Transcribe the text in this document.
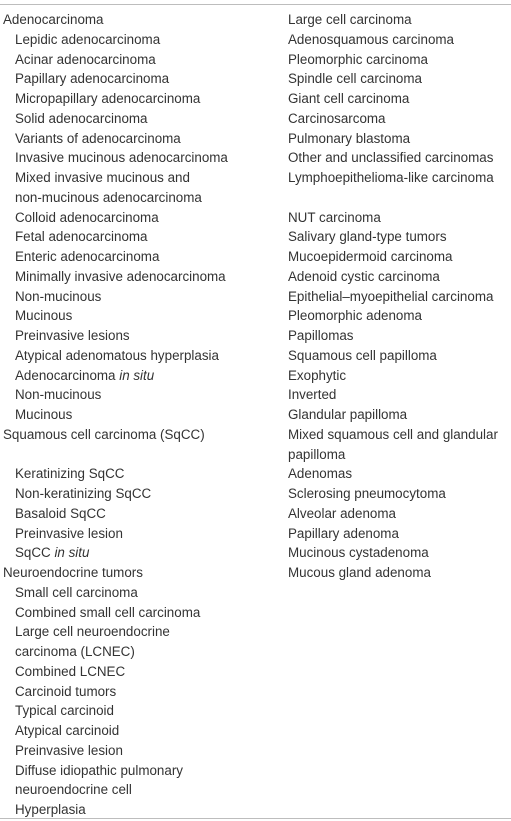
Adenocarcinoma
Lepidic adenocarcinoma
Acinar adenocarcinoma
Papillary adenocarcinoma
Micropapillary adenocarcinoma
Solid adenocarcinoma
Variants of adenocarcinoma
Invasive mucinous adenocarcinoma
Mixed invasive mucinous and
non-mucinous adenocarcinoma
Colloid adenocarcinoma
Fetal adenocarcinoma
Enteric adenocarcinoma
Minimally invasive adenocarcinoma
Non-mucinous
Mucinous
Preinvasive lesions
Atypical adenomatous hyperplasia
Adenocarcinoma in situ
Non-mucinous
Mucinous
Squamous cell carcinoma (SqCC)
Keratinizing SqCC
Non-keratinizing SqCC
Basaloid SqCC
Preinvasive lesion
SqCC in situ
Neuroendocrine tumors
Small cell carcinoma
Combined small cell carcinoma
Large cell neuroendocrine
carcinoma (LCNEC)
Combined LCNEC
Carcinoid tumors
Typical carcinoid
Atypical carcinoid
Preinvasive lesion
Diffuse idiopathic pulmonary
neuroendocrine cell
Hyperplasia
Large cell carcinoma
Adenosquamous carcinoma
Pleomorphic carcinoma
Spindle cell carcinoma
Giant cell carcinoma
Carcinosarcoma
Pulmonary blastoma
Other and unclassified carcinomas
Lymphoepithelioma-like carcinoma
NUT carcinoma
Salivary gland-type tumors
Mucoepidermoid carcinoma
Adenoid cystic carcinoma
Epithelial–myoepithelial carcinoma
Pleomorphic adenoma
Papillomas
Squamous cell papilloma
Exophytic
Inverted
Glandular papilloma
Mixed squamous cell and glandular
papilloma
Adenomas
Sclerosing pneumocytoma
Alveolar adenoma
Papillary adenoma
Mucinous cystadenoma
Mucous gland adenoma
